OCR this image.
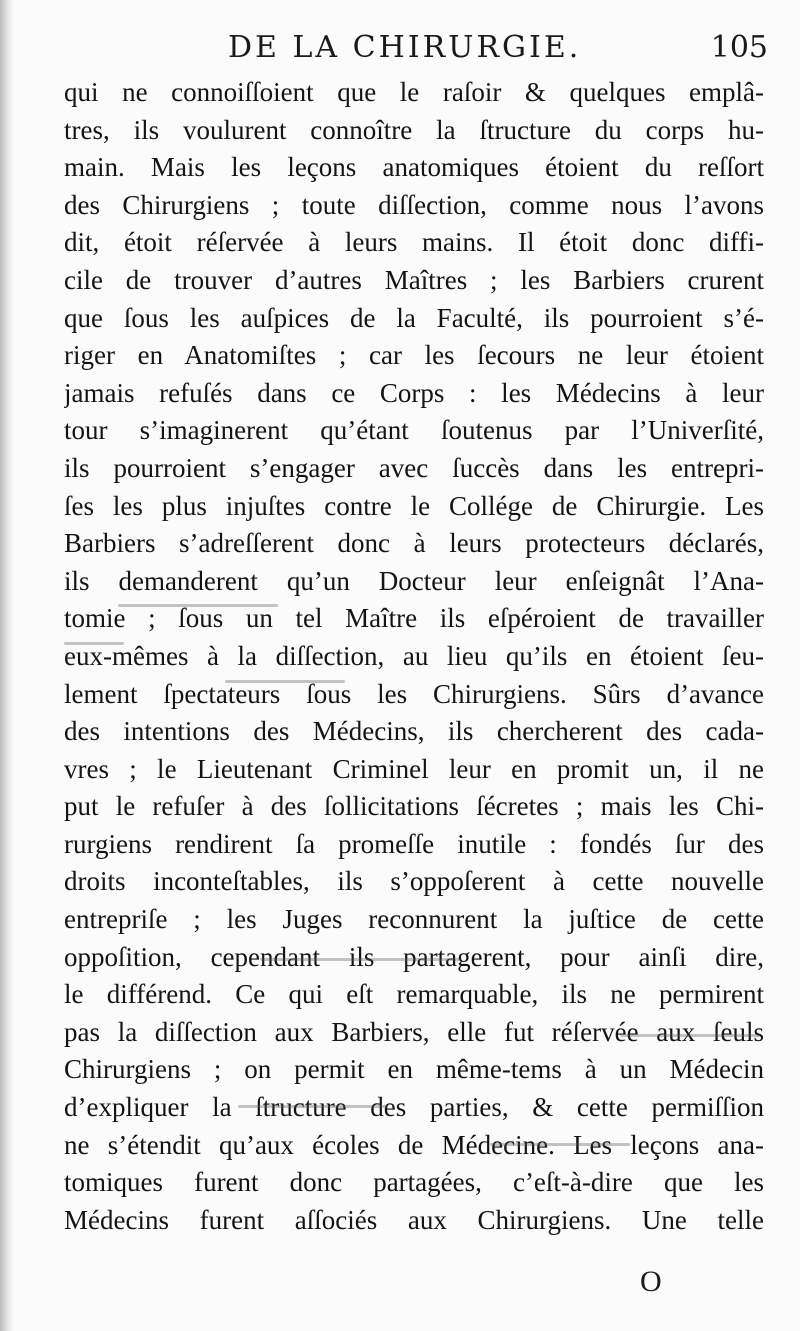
DE LA CHIRURGIE.	105
qui ne connoiſſoient que le raſoir & quelques emplâ-
tres, ils voulurent connoître la ſtructure du corps hu-
main. Mais les leçons anatomiques étoient du reſſort
des Chirurgiens ; toute diſſection, comme nous l’avons
dit, étoit réſervée à leurs mains. Il étoit donc diffi-
cile de trouver d’autres Maîtres ; les Barbiers crurent
que ſous les auſpices de la Faculté, ils pourroient s’é-
riger en Anatomiſtes ; car les ſecours ne leur étoient
jamais refuſés dans ce Corps : les Médecins à leur
tour s’imaginerent qu’étant ſoutenus par l’Univerſité,
ils pourroient s’engager avec ſuccès dans les entrepri-
ſes les plus injuſtes contre le Collége de Chirurgie. Les
Barbiers s’adreſſerent donc à leurs protecteurs déclarés,
ils demanderent qu’un Docteur leur enſeignât l’Ana-
tomie ; ſous un tel Maître ils eſpéroient de travailler
eux-mêmes à la diſſection, au lieu qu’ils en étoient ſeu-
lement ſpectateurs ſous les Chirurgiens. Sûrs d’avance
des intentions des Médecins, ils chercherent des cada-
vres ; le Lieutenant Criminel leur en promit un, il ne
put le refuſer à des ſollicitations ſécretes ; mais les Chi-
rurgiens rendirent ſa promeſſe inutile : fondés ſur des
droits inconteſtables, ils s’oppoſerent à cette nouvelle
entrepriſe ; les Juges reconnurent la juſtice de cette
oppoſition, cependant ils partagerent, pour ainſi dire,
le différend. Ce qui eſt remarquable, ils ne permirent
pas la diſſection aux Barbiers, elle fut réſervée aux ſeuls
Chirurgiens ; on permit en même-tems à un Médecin
d’expliquer la ſtructure des parties, & cette permiſſion
ne s’étendit qu’aux écoles de Médecine. Les leçons ana-
tomiques furent donc partagées, c’eſt-à-dire que les
Médecins furent aſſociés aux Chirurgiens. Une telle
O
